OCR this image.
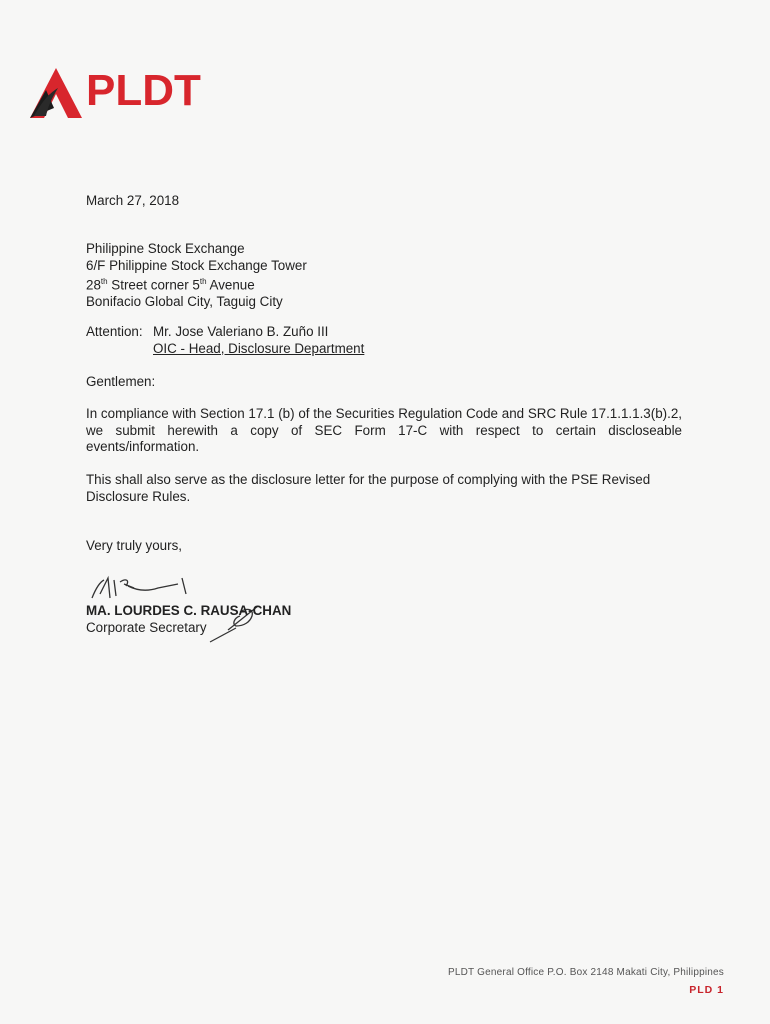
PLDT
March 27, 2018
Philippine Stock Exchange
6/F Philippine Stock Exchange Tower
28th Street corner 5th Avenue
Bonifacio Global City, Taguig City
Attention: Mr. Jose Valeriano B. Zuño III
OIC - Head, Disclosure Department
Gentlemen:
In compliance with Section 17.1 (b) of the Securities Regulation Code and SRC Rule 17.1.1.1.3(b).2, we submit herewith a copy of SEC Form 17-C with respect to certain discloseable events/information.
This shall also serve as the disclosure letter for the purpose of complying with the PSE Revised Disclosure Rules.
Very truly yours,
MA. LOURDES C. RAUSA-CHAN
Corporate Secretary
PLDT General Office P.O. Box 2148 Makati City, Philippines
PLD 1
